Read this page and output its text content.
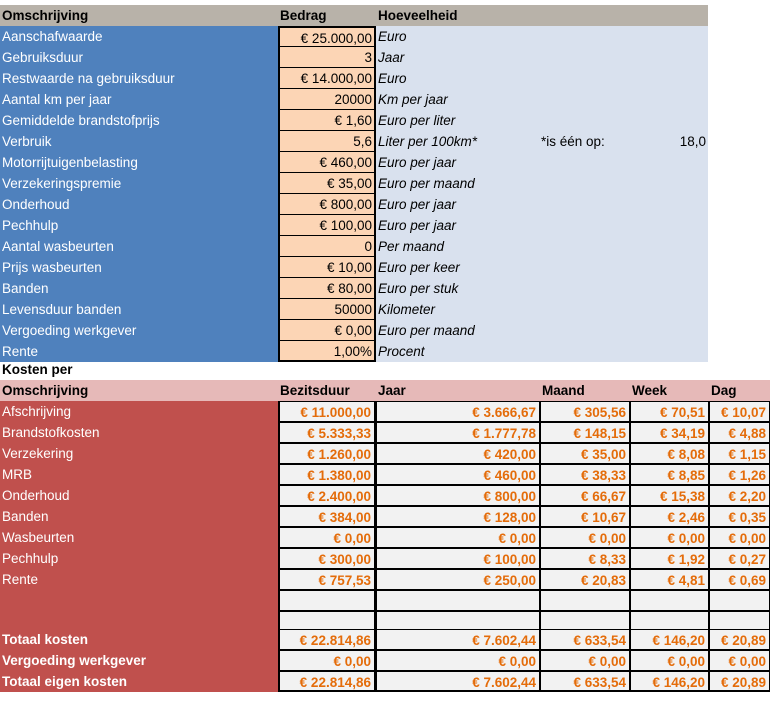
Omschrijving	Bedrag	Hoeveelheid
Aanschafwaarde	€ 25.000,00 Euro
Gebruiksduur	3 Jaar
Restwaarde na gebruiksduur	€ 14.000,00 Euro
Aantal km per jaar	20000 Km per jaar
Gemiddelde brandstofprijs	€ 1,60 Euro per liter
Verbruik	5,6 Liter per 100km*	*is één op:	18,0
Motorrijtuigenbelasting	€ 460,00 Euro per jaar
Verzekeringspremie	€ 35,00 Euro per maand
Onderhoud	€ 800,00 Euro per jaar
Pechhulp	€ 100,00 Euro per jaar
Aantal wasbeurten	0 Per maand
Prijs wasbeurten	€ 10,00 Euro per keer
Banden	€ 80,00 Euro per stuk
Levensduur banden	50000 Kilometer
Vergoeding werkgever	€ 0,00 Euro per maand
Rente	1,00% Procent
Kosten per
Omschrijving	Bezitsduur	Jaar	Maand	Week	Dag
Afschrijving	€ 11.000,00	€ 3.666,67	€ 305,56	€ 70,51	€ 10,07
Brandstofkosten	€ 5.333,33	€ 1.777,78	€ 148,15	€ 34,19	€ 4,88
Verzekering	€ 1.260,00	€ 420,00	€ 35,00	€ 8,08	€ 1,15
MRB	€ 1.380,00	€ 460,00	€ 38,33	€ 8,85	€ 1,26
Onderhoud	€ 2.400,00	€ 800,00	€ 66,67	€ 15,38	€ 2,20
Banden	€ 384,00	€ 128,00	€ 10,67	€ 2,46	€ 0,35
Wasbeurten	€ 0,00	€ 0,00	€ 0,00	€ 0,00	€ 0,00
Pechhulp	€ 300,00	€ 100,00	€ 8,33	€ 1,92	€ 0,27
Rente	€ 757,53	€ 250,00	€ 20,83	€ 4,81	€ 0,69
Totaal kosten	€ 22.814,86	€ 7.602,44	€ 633,54	€ 146,20	€ 20,89
Vergoeding werkgever	€ 0,00	€ 0,00	€ 0,00	€ 0,00	€ 0,00
Totaal eigen kosten	€ 22.814,86	€ 7.602,44	€ 633,54	€ 146,20	€ 20,89
